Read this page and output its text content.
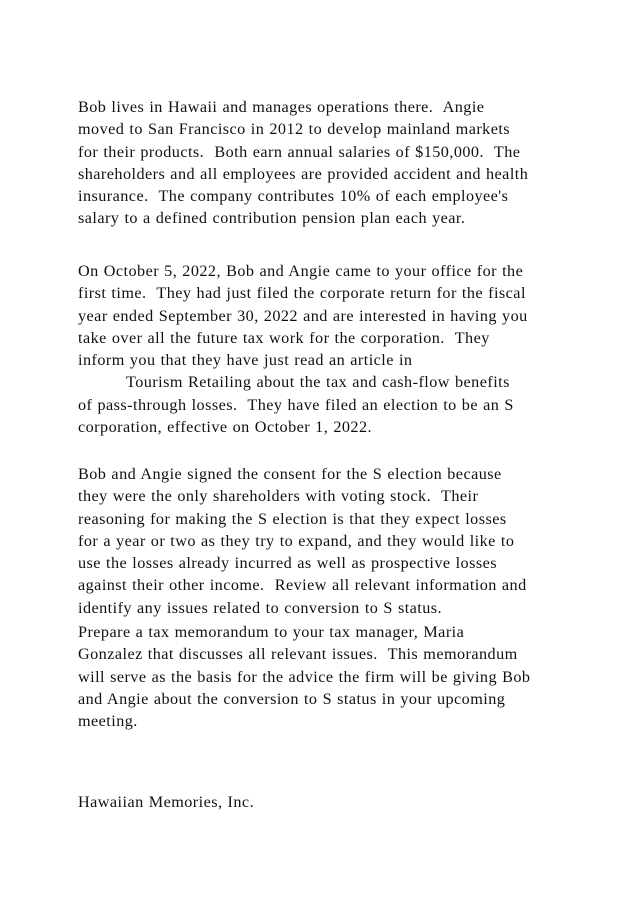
Bob lives in Hawaii and manages operations there.  Angie
moved to San Francisco in 2012 to develop mainland markets
for their products.  Both earn annual salaries of $150,000.  The
shareholders and all employees are provided accident and health
insurance.  The company contributes 10% of each employee's
salary to a defined contribution pension plan each year.

On October 5, 2022, Bob and Angie came to your office for the
first time.  They had just filed the corporate return for the fiscal
year ended September 30, 2022 and are interested in having you
take over all the future tax work for the corporation.  They
inform you that they have just read an article in
Tourism Retailing about the tax and cash-flow benefits
of pass-through losses.  They have filed an election to be an S
corporation, effective on October 1, 2022.

Bob and Angie signed the consent for the S election because
they were the only shareholders with voting stock.  Their
reasoning for making the S election is that they expect losses
for a year or two as they try to expand, and they would like to
use the losses already incurred as well as prospective losses
against their other income.  Review all relevant information and
identify any issues related to conversion to S status.

Prepare a tax memorandum to your tax manager, Maria
Gonzalez that discusses all relevant issues.  This memorandum
will serve as the basis for the advice the firm will be giving Bob
and Angie about the conversion to S status in your upcoming
meeting.

Hawaiian Memories, Inc.
